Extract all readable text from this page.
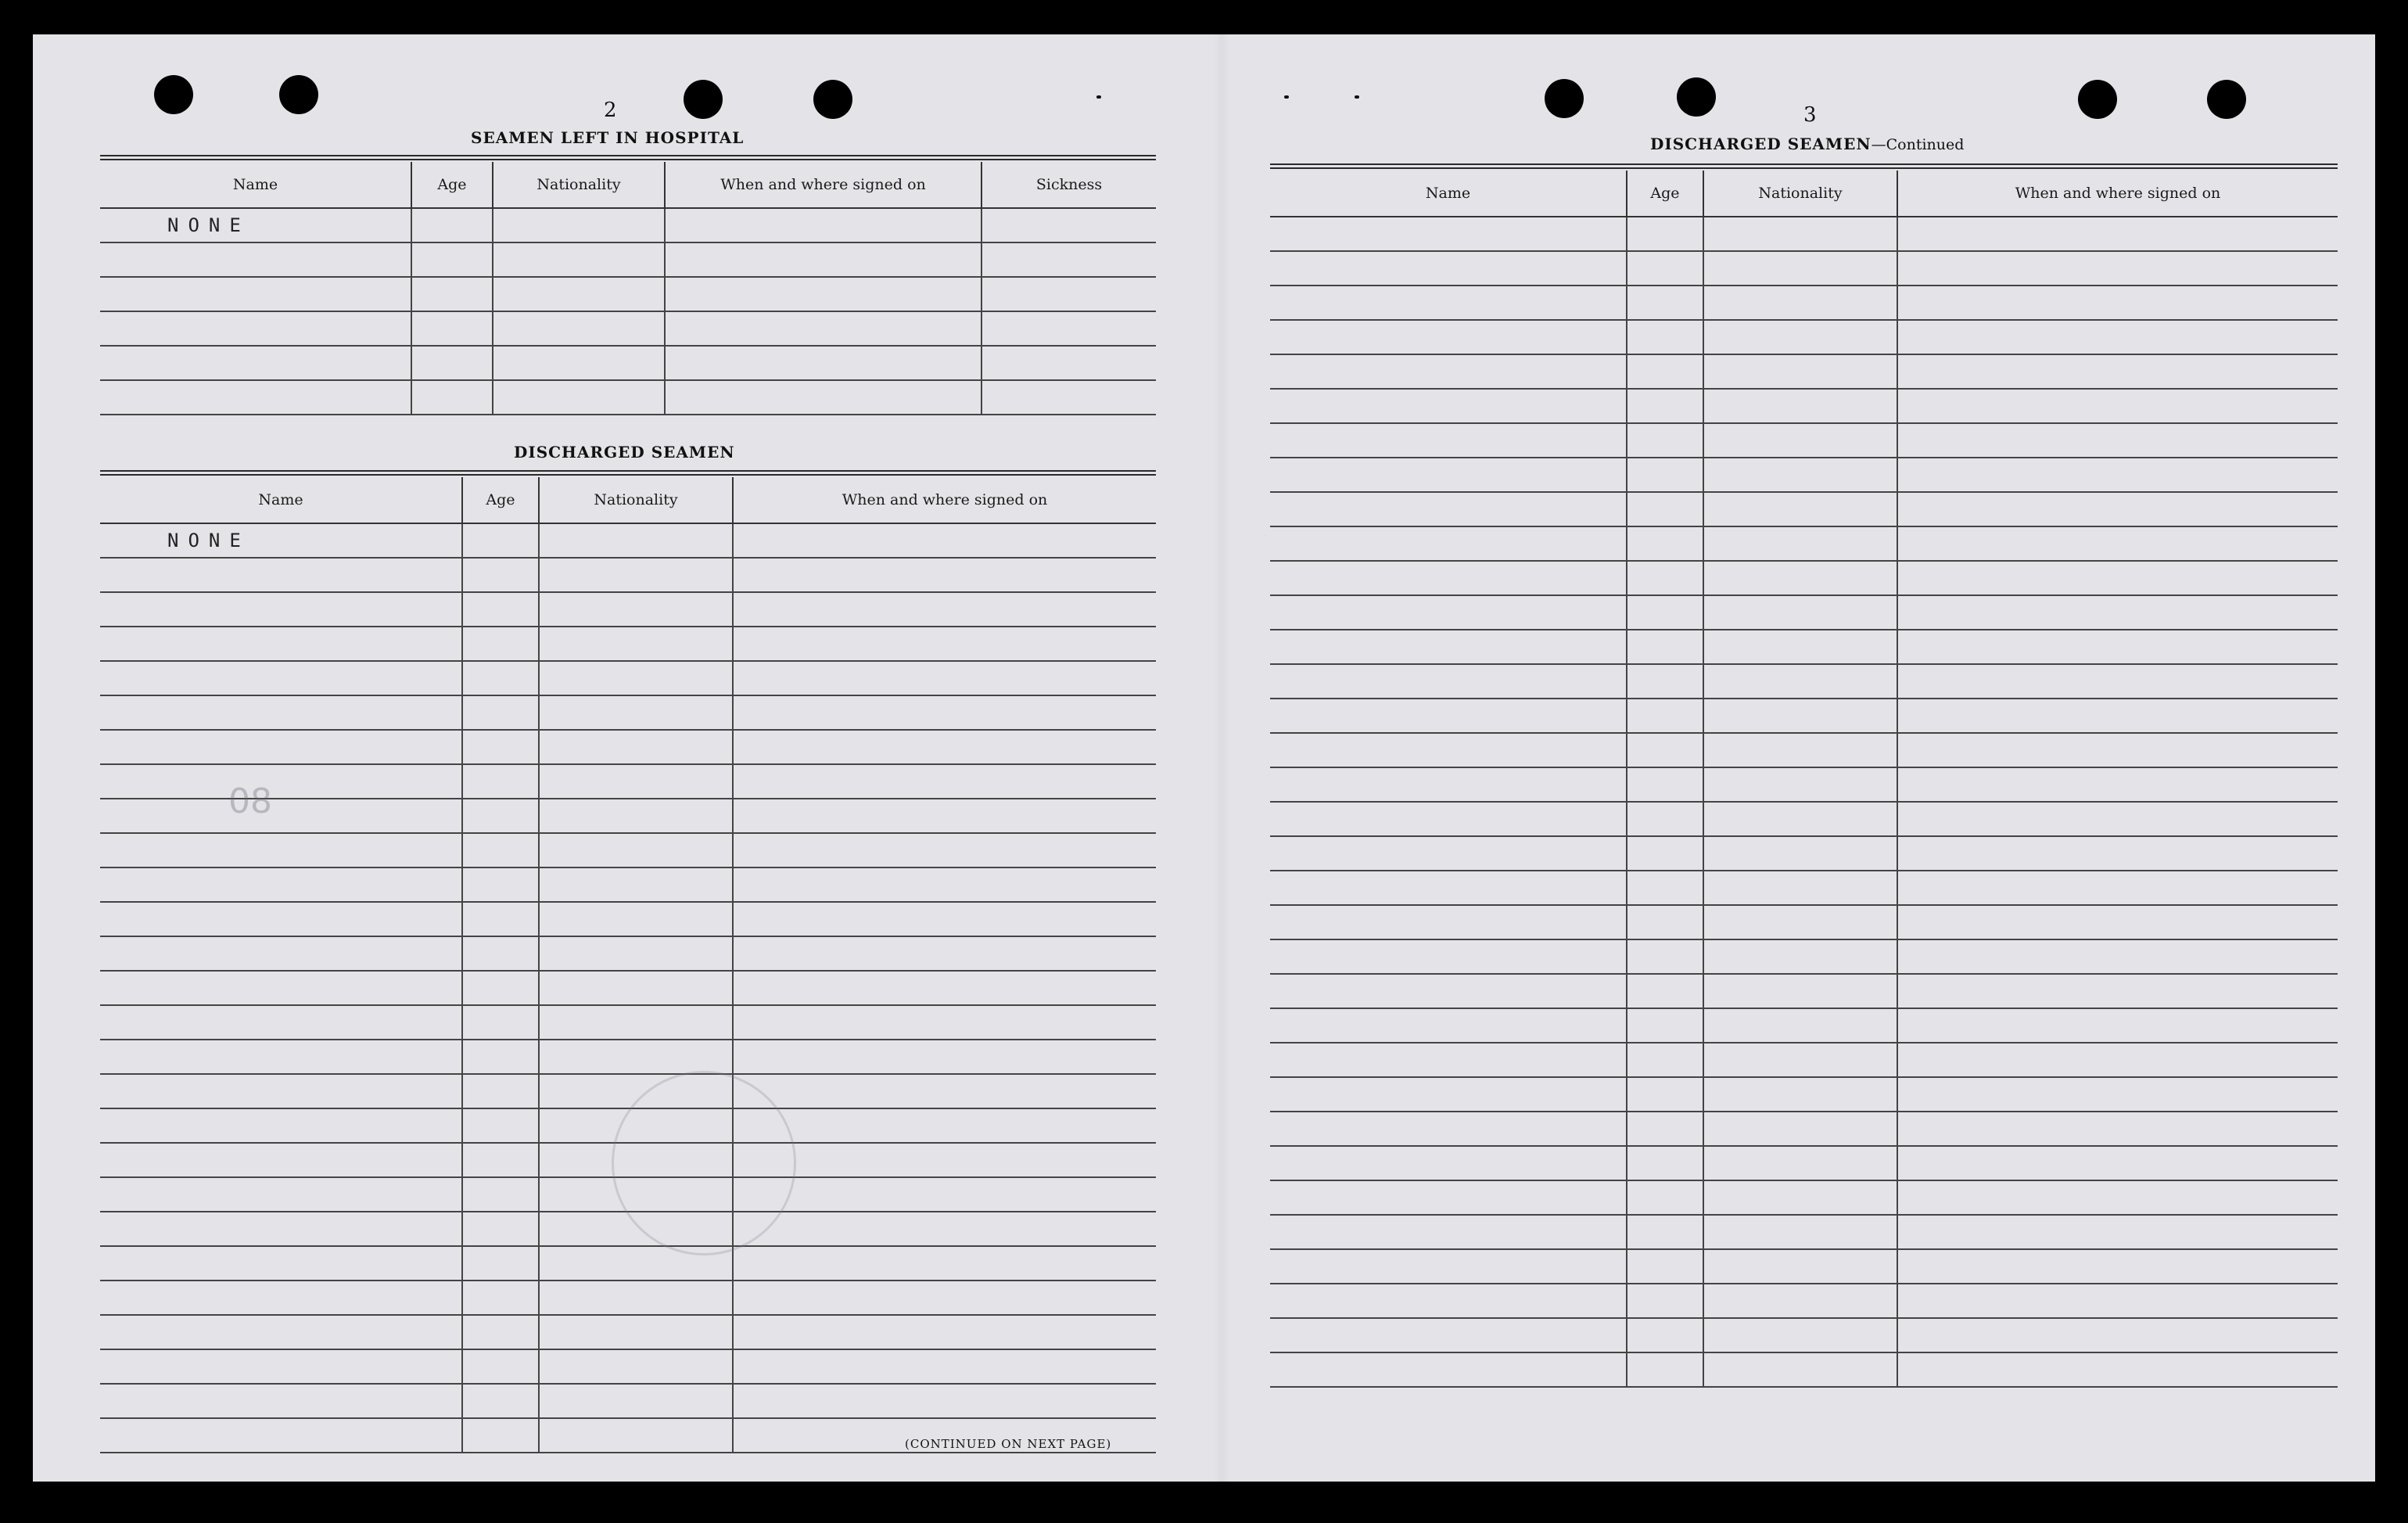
2
SEAMEN LEFT IN HOSPITAL
Name	Age	Nationality	When and where signed on	Sickness
NONE				

DISCHARGED SEAMEN
Name	Age	Nationality	When and where signed on
NONE			

08
(CONTINUED ON NEXT PAGE)
3
DISCHARGED SEAMEN—Continued
Name	Age	Nationality	When and where signed on
